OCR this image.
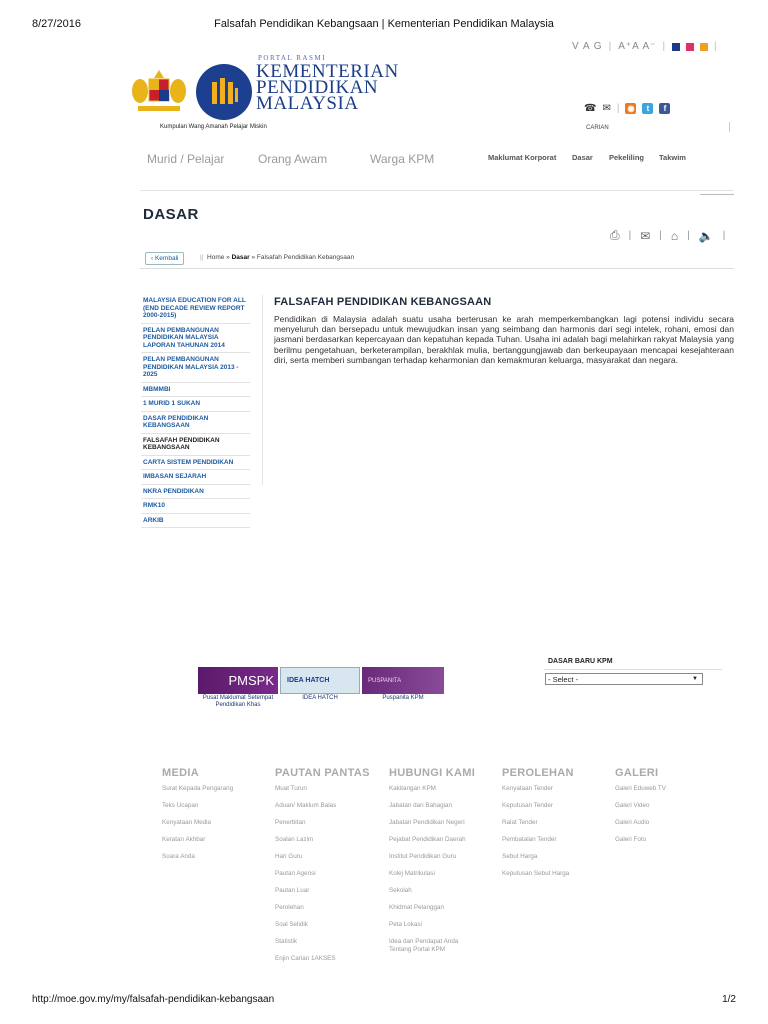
8/27/2016	Falsafah Pendidikan Kebangsaan | Kementerian Pendidikan Malaysia
V A G | A⁺A A⁻ |	|
PORTAL RASMI
KEMENTERIAN
PENDIDIKAN
MALAYSIA	☎ ✉ | ◉	t	f
Kumpulan Wang Amanah Pelajar Miskin	CARIAN
Murid / Pelajar	Orang Awam	Warga KPM	Maklumat Korporat Dasar Pekeliling Takwim
DASAR
⎙ | ✉ | ⌂ | 🔈 |
‹ Kembali	|| Home » Dasar » Falsafah Pendidikan Kebangsaan
MALAYSIA EDUCATION FOR ALL (END DECADE REVIEW REPORT 2000-2015)
PELAN PEMBANGUNAN PENDIDIKAN MALAYSIA LAPORAN TAHUNAN 2014
PELAN PEMBANGUNAN PENDIDIKAN MALAYSIA 2013 - 2025
MBMMBI
1 MURID 1 SUKAN
DASAR PENDIDIKAN KEBANGSAAN
FALSAFAH PENDIDIKAN KEBANGSAAN
CARTA SISTEM PENDIDIKAN
IMBASAN SEJARAH
NKRA PENDIDIKAN
RMK10
ARKIB
FALSAFAH PENDIDIKAN KEBANGSAAN
Pendidikan di Malaysia adalah suatu usaha berterusan ke arah memperkembangkan lagi potensi individu secara menyeluruh dan bersepadu untuk mewujudkan insan yang seimbang dan harmonis dari segi intelek, rohani, emosi dan jasmani berdasarkan kepercayaan dan kepatuhan kepada Tuhan. Usaha ini adalah bagi melahirkan rakyat Malaysia yang berilmu pengetahuan, berketerampilan, berakhlak mulia, bertanggungjawab dan berkeupayaan mencapai kesejahteraan diri, serta memberi sumbangan terhadap keharmonian dan kemakmuran keluarga, masyarakat dan negara.
PMSPK
Pusat Maklumat Setempat Pendidikan Khas
IDEA HATCH
IDEA HATCH
PUSPANITA
Puspanita KPM
DASAR BARU KPM
- Select -	▼
MEDIA
Surat Kepada Pengarang
Teks Ucapan
Kenyataan Media
Keratan Akhbar
Suara Anda
PAUTAN PANTAS
Muat Turun
Aduan/ Maklum Balas
Penerbitan
Soalan Lazim
Hari Guru
Pautan Agensi
Pautan Luar
Perolehan
Soal Selidik
Statistik
Enjin Carian 1AKSES
HUBUNGI KAMI
Kakitangan KPM
Jabatan dan Bahagian
Jabatan Pendidikan Negeri
Pejabat Pendidikan Daerah
Institut Pendidikan Guru
Kolej Matrikulasi
Sekolah
Khidmat Pelanggan
Peta Lokasi
Idea dan Pendapat Anda Tentang Portal KPM
PEROLEHAN
Kenyataan Tender
Keputusan Tender
Ralat Tender
Pembatalan Tender
Sebut Harga
Keputusan Sebut Harga
GALERI
Galeri Eduweb TV
Galeri Video
Galeri Audio
Galeri Foto
http://moe.gov.my/my/falsafah-pendidikan-kebangsaan	1/2
